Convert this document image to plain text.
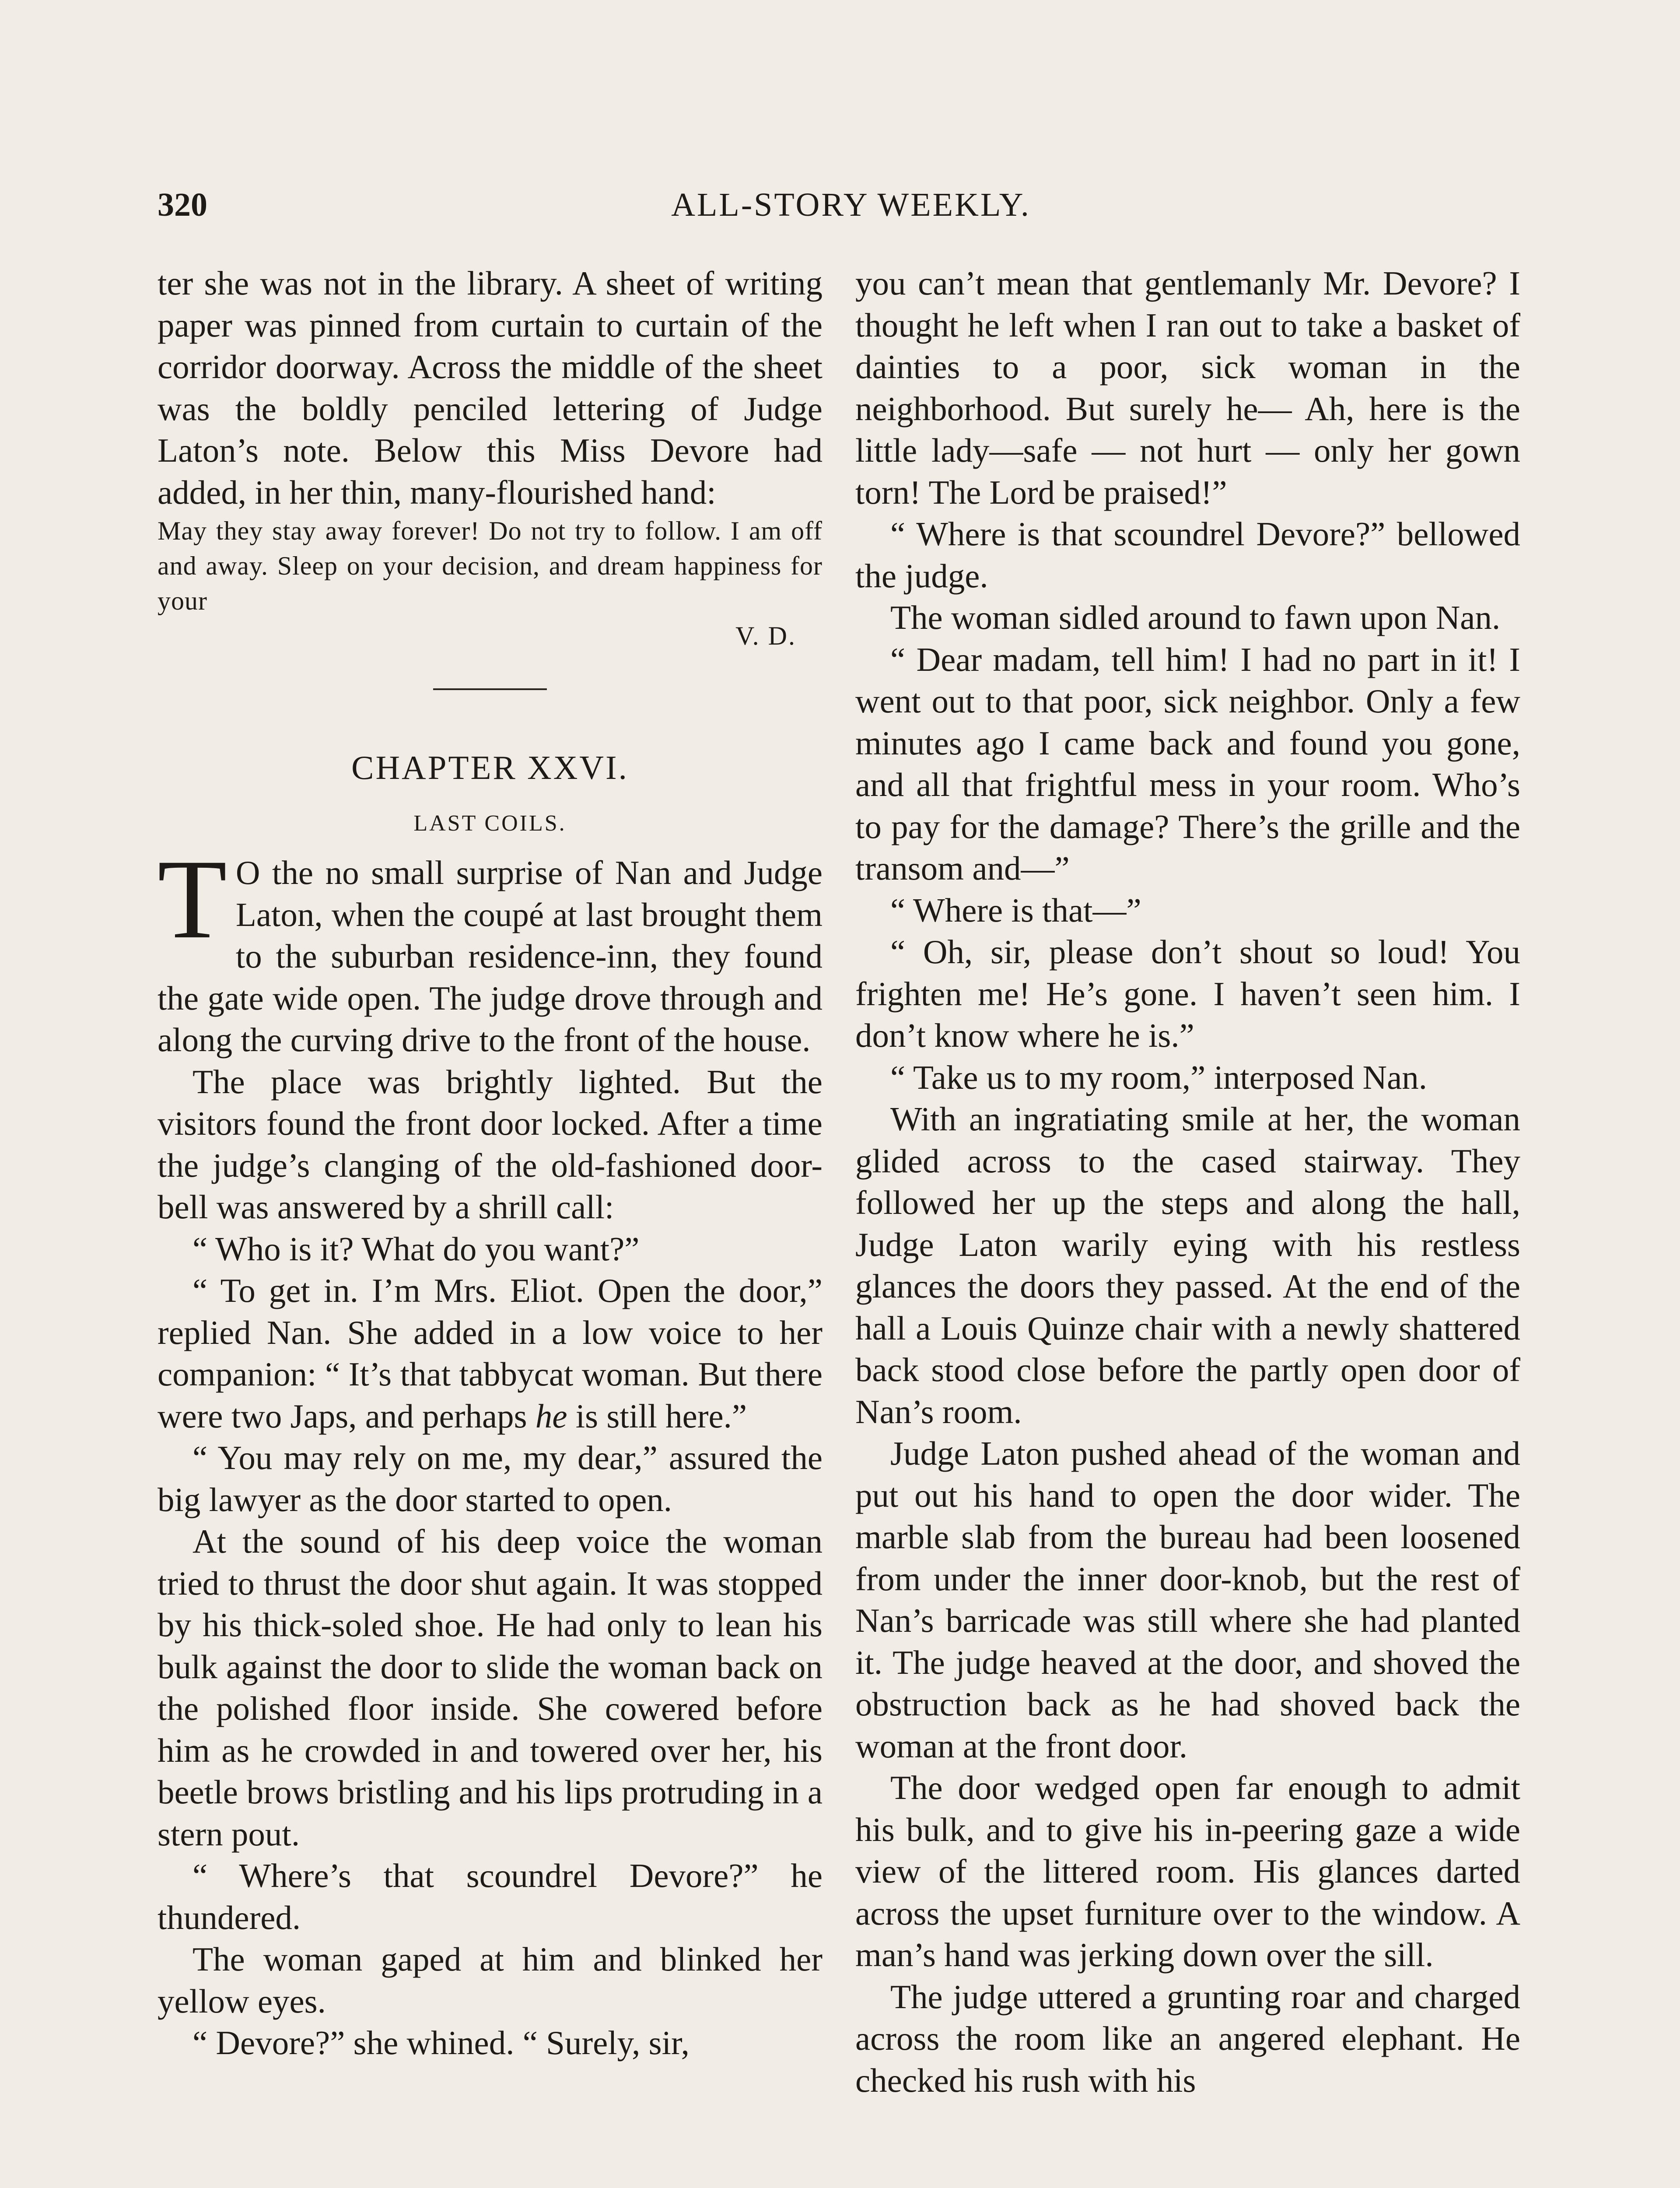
320	ALL-STORY WEEKLY.

ter she was not in the library. A sheet of writing paper was pinned from curtain to curtain of the corridor doorway. Across the middle of the sheet was the boldly penciled lettering of Judge Laton’s note. Below this Miss Devore had added, in her thin, many-flourished hand:

May they stay away forever! Do not try to follow. I am off and away. Sleep on your decision, and dream happiness for your

V. D.
CHAPTER XXVI.
LAST COILS.

T O the no small surprise of Nan and Judge Laton, when the coupé at last brought them to the suburban residence-inn, they found the gate wide open. The judge drove through and along the curving drive to the front of the house.

The place was brightly lighted. But the visitors found the front door locked. After a time the judge’s clanging of the old-fashioned door-bell was answered by a shrill call:

“ Who is it? What do you want?”

“ To get in. I’m Mrs. Eliot. Open the door,” replied Nan. She added in a low voice to her companion: “ It’s that tabbycat woman. But there were two Japs, and perhaps he is still here.”

“ You may rely on me, my dear,” assured the big lawyer as the door started to open.

At the sound of his deep voice the woman tried to thrust the door shut again. It was stopped by his thick-soled shoe. He had only to lean his bulk against the door to slide the woman back on the polished floor inside. She cowered before him as he crowded in and towered over her, his beetle brows bristling and his lips protruding in a stern pout.

“ Where’s that scoundrel Devore?” he thundered.

The woman gaped at him and blinked her yellow eyes.

“ Devore?” she whined. “ Surely, sir,

you can’t mean that gentlemanly Mr. Devore? I thought he left when I ran out to take a basket of dainties to a poor, sick woman in the neighborhood. But surely he— Ah, here is the little lady—safe — not hurt — only her gown torn! The Lord be praised!”

“ Where is that scoundrel Devore?” bellowed the judge.

The woman sidled around to fawn upon Nan.

“ Dear madam, tell him! I had no part in it! I went out to that poor, sick neighbor. Only a few minutes ago I came back and found you gone, and all that frightful mess in your room. Who’s to pay for the damage? There’s the grille and the transom and—”

“ Where is that—”

“ Oh, sir, please don’t shout so loud! You frighten me! He’s gone. I haven’t seen him. I don’t know where he is.”

“ Take us to my room,” interposed Nan.

With an ingratiating smile at her, the woman glided across to the cased stairway. They followed her up the steps and along the hall, Judge Laton warily eying with his restless glances the doors they passed. At the end of the hall a Louis Quinze chair with a newly shattered back stood close before the partly open door of Nan’s room.

Judge Laton pushed ahead of the woman and put out his hand to open the door wider. The marble slab from the bureau had been loosened from under the inner door-knob, but the rest of Nan’s barricade was still where she had planted it. The judge heaved at the door, and shoved the obstruction back as he had shoved back the woman at the front door.

The door wedged open far enough to admit his bulk, and to give his in-peering gaze a wide view of the littered room. His glances darted across the upset furniture over to the window. A man’s hand was jerking down over the sill.

The judge uttered a grunting roar and charged across the room like an angered elephant. He checked his rush with his
